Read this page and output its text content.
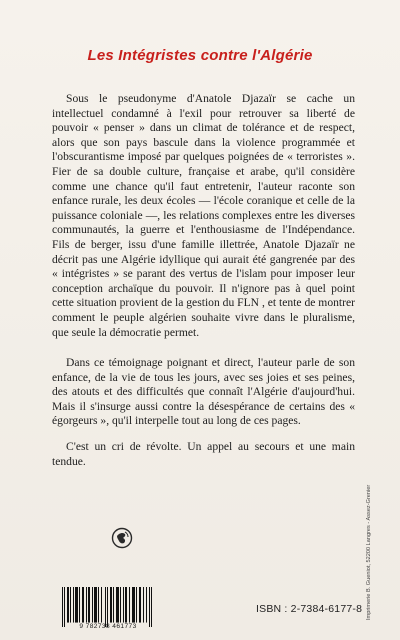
Les Intégristes contre l'Algérie

Sous le pseudonyme d'Anatole Djazaïr se cache un intellectuel condamné à l'exil pour retrouver sa liberté de pouvoir « penser » dans un climat de tolérance et de respect, alors que son pays bascule dans la violence programmée et l'obscurantisme imposé par quelques poignées de « terroristes ». Fier de sa double culture, française et arabe, qu'il considère comme une chance qu'il faut entretenir, l'auteur raconte son enfance rurale, les deux écoles — l'école coranique et celle de la puissance coloniale —, les relations complexes entre les diverses communautés, la guerre et l'enthousiasme de l'Indépendance. Fils de berger, issu d'une famille illettrée, Anatole Djazaïr ne décrit pas une Algérie idyllique qui aurait été gangrenée par des « intégristes » se parant des vertus de l'islam pour imposer leur conception archaïque du pouvoir. Il n'ignore pas à quel point cette situation provient de la gestion du FLN , et tente de montrer comment le peuple algérien souhaite vivre dans le pluralisme, que seule la démocratie permet.

Dans ce témoignage poignant et direct, l'auteur parle de son enfance, de la vie de tous les jours, avec ses joies et ses peines, des atouts et des difficultés que connaît l'Algérie d'aujourd'hui. Mais il s'insurge aussi contre la désespérance de certains des « égorgeurs », qu'il interpelle tout au long de ces pages.

C'est un cri de révolte. Un appel au secours et une main tendue.

9 782738 461773
ISBN : 2-7384-6177-8 Imprimerie B. Gueniot, 52200 Langres - Assez-Grenier
